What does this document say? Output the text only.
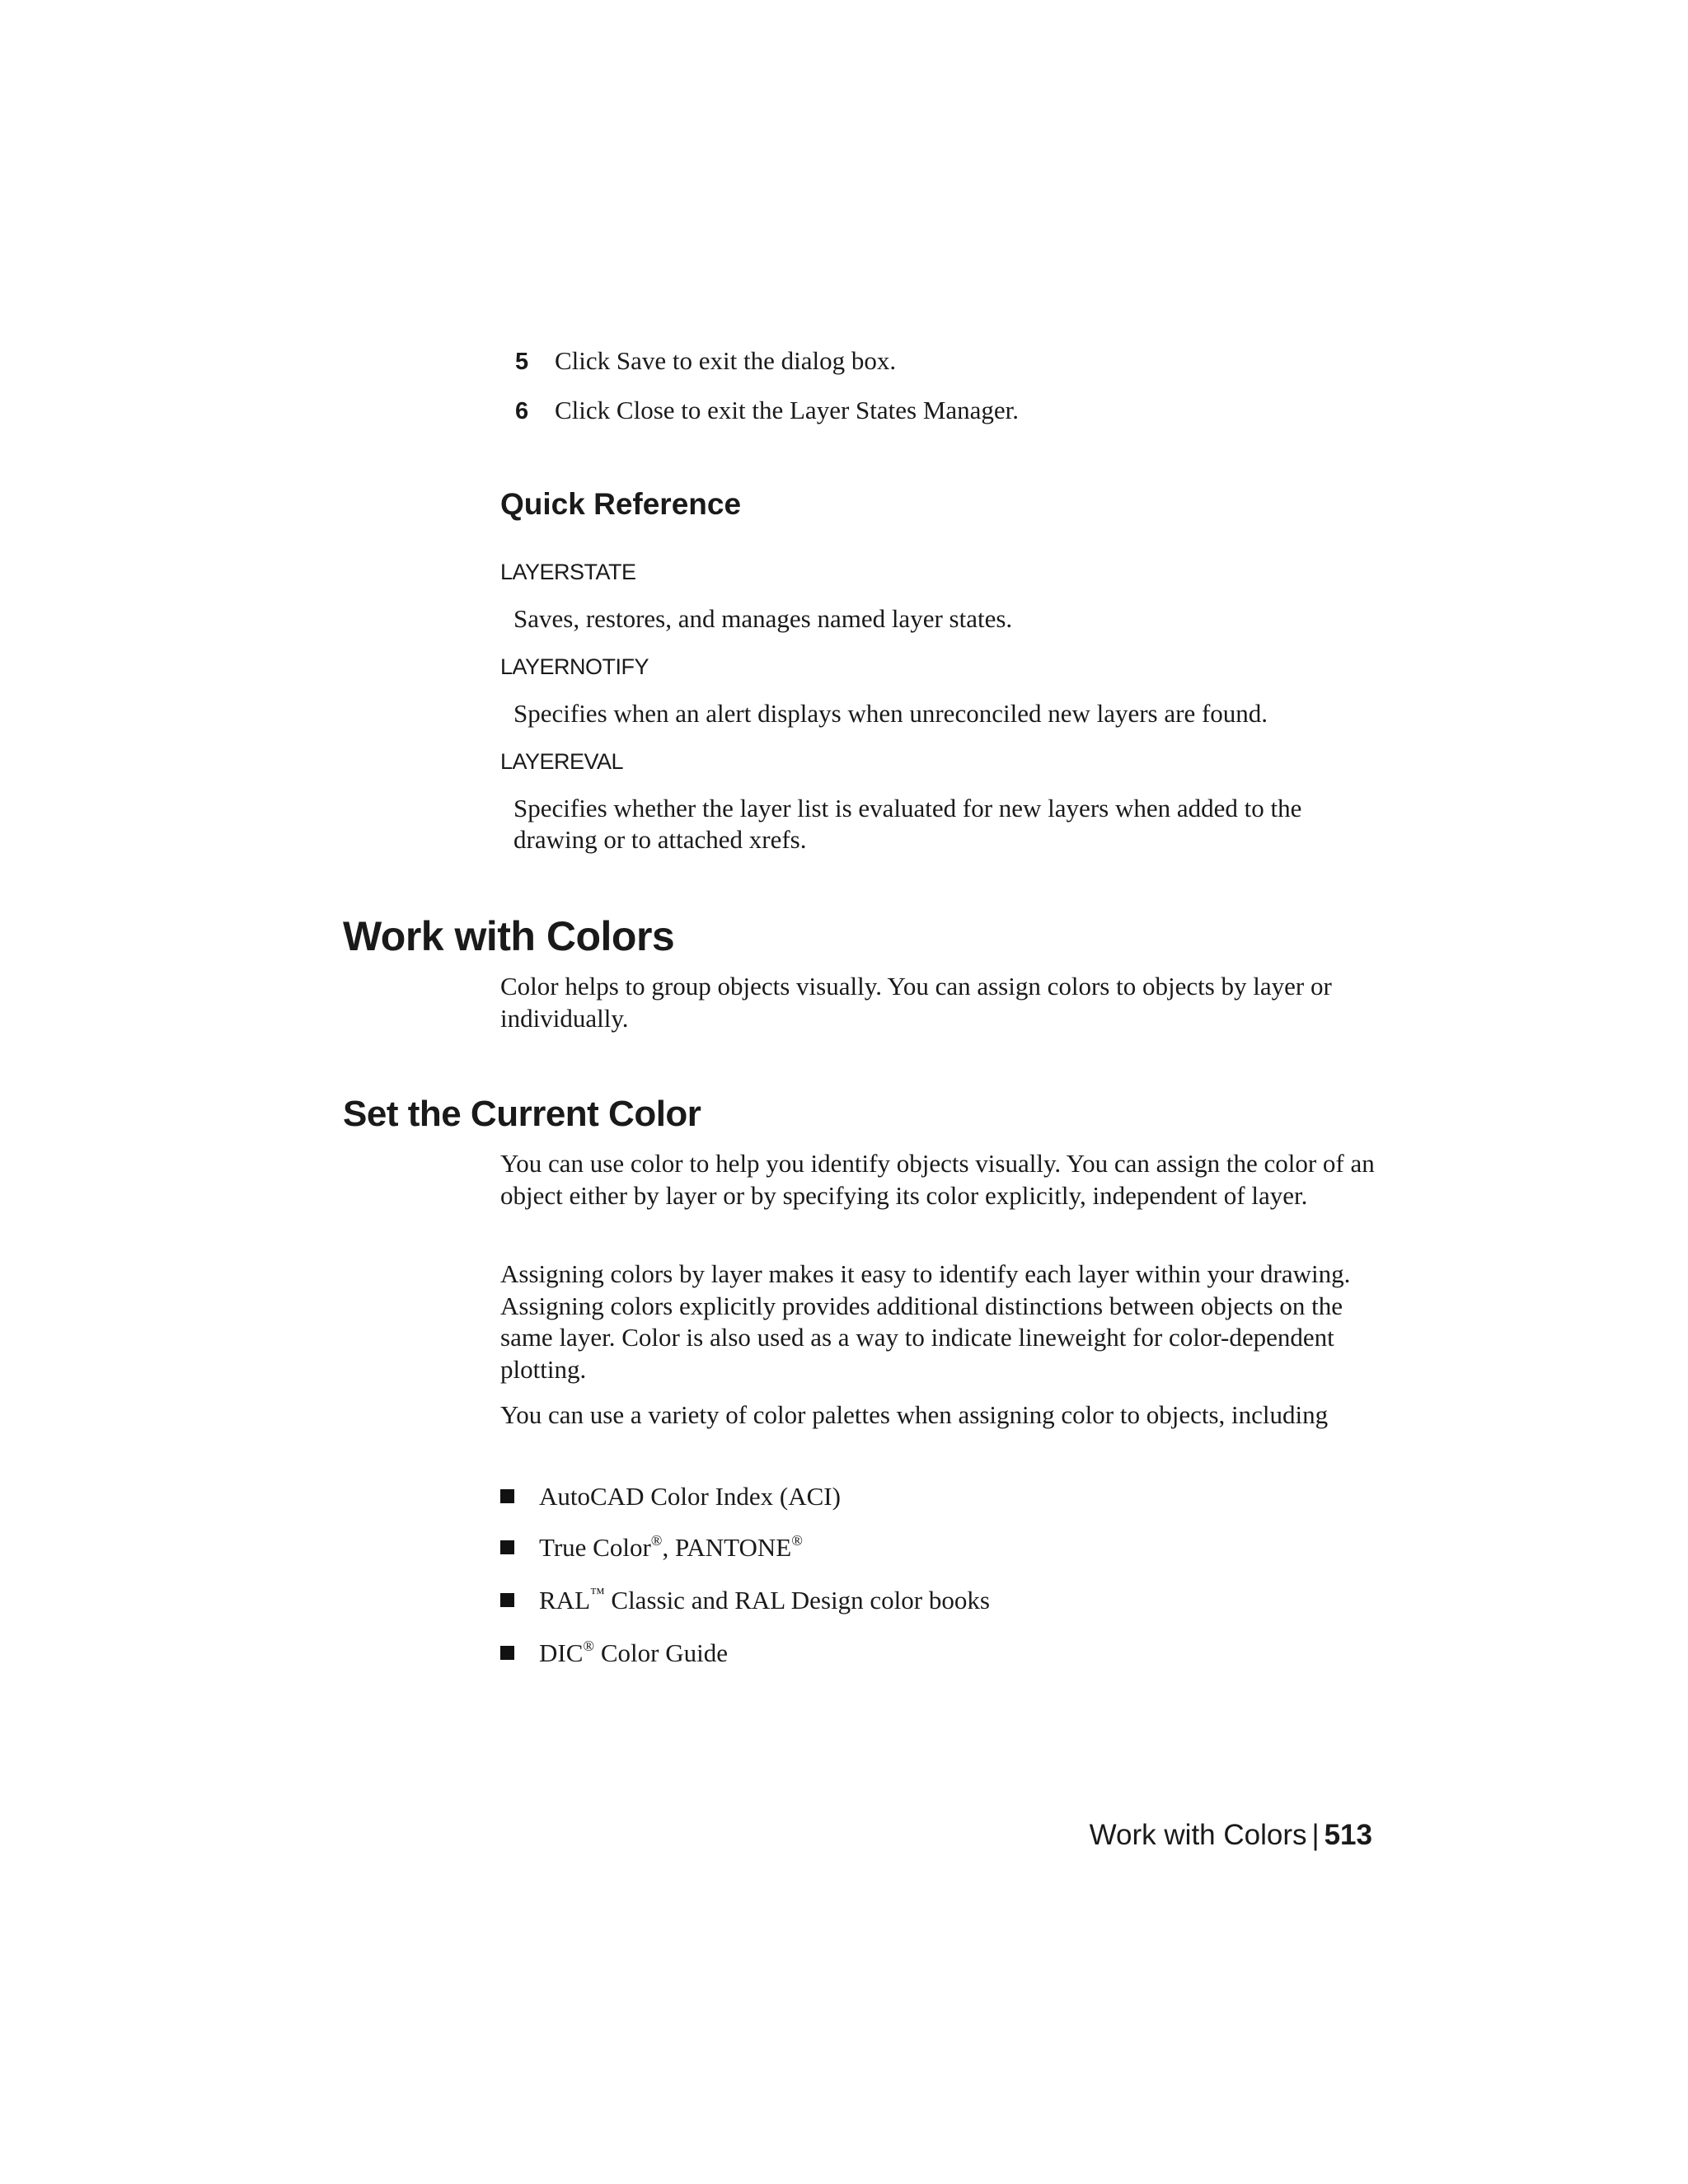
5 Click Save to exit the dialog box.
6 Click Close to exit the Layer States Manager.
Quick Reference
LAYERSTATE
Saves, restores, and manages named layer states.
LAYERNOTIFY
Specifies when an alert displays when unreconciled new layers are found.
LAYEREVAL
Specifies whether the layer list is evaluated for new layers when added to the drawing or to attached xrefs.
Work with Colors
Color helps to group objects visually. You can assign colors to objects by layer or individually.
Set the Current Color
You can use color to help you identify objects visually. You can assign the color of an object either by layer or by specifying its color explicitly, independent of layer.
Assigning colors by layer makes it easy to identify each layer within your drawing. Assigning colors explicitly provides additional distinctions between objects on the same layer. Color is also used as a way to indicate lineweight for color-dependent plotting.
You can use a variety of color palettes when assigning color to objects, including
AutoCAD Color Index (ACI)
True Color®, PANTONE®
RAL™ Classic and RAL Design color books
DIC® Color Guide
Work with Colors | 513
